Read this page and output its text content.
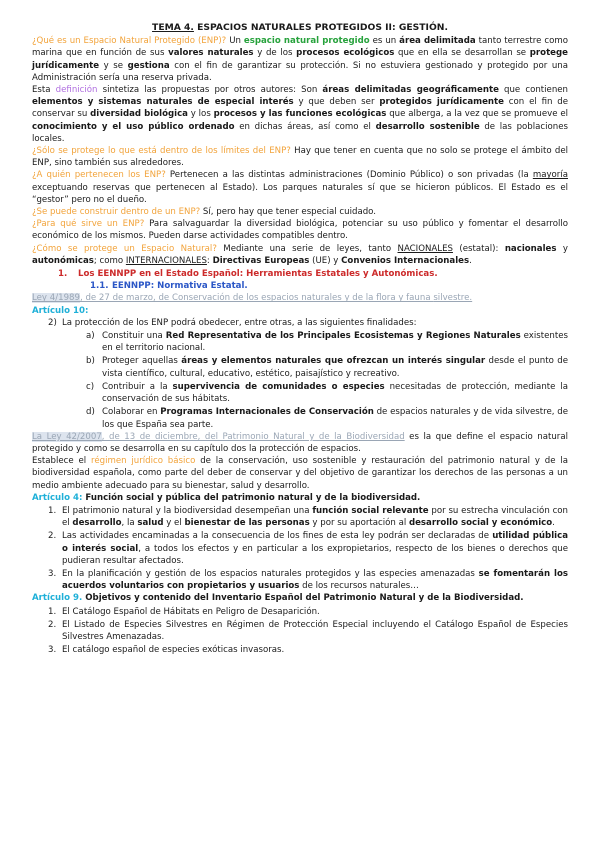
TEMA 4. ESPACIOS NATURALES PROTEGIDOS II: GESTIÓN.

¿Qué es un Espacio Natural Protegido (ENP)? Un espacio natural protegido es un área delimitada tanto terrestre como marina que en función de sus valores naturales y de los procesos ecológicos que en ella se desarrollan se protege jurídicamente y se gestiona con el fin de garantizar su protección. Si no estuviera gestionado y protegido por una Administración sería una reserva privada.

Esta definición sintetiza las propuestas por otros autores: Son áreas delimitadas geográficamente que contienen elementos y sistemas naturales de especial interés y que deben ser protegidos jurídicamente con el fin de conservar su diversidad biológica y los procesos y las funciones ecológicas que alberga, a la vez que se promueve el conocimiento y el uso público ordenado en dichas áreas, así como el desarrollo sostenible de las poblaciones locales.

¿Sólo se protege lo que está dentro de los límites del ENP? Hay que tener en cuenta que no solo se protege el ámbito del ENP, sino también sus alrededores.

¿A quién pertenecen los ENP? Pertenecen a las distintas administraciones (Dominio Público) o son privadas (la mayoría exceptuando reservas que pertenecen al Estado). Los parques naturales sí que se hicieron públicos. El Estado es el “gestor” pero no el dueño.

¿Se puede construir dentro de un ENP? Sí, pero hay que tener especial cuidado.

¿Para qué sirve un ENP? Para salvaguardar la diversidad biológica, potenciar su uso público y fomentar el desarrollo económico de los mismos. Pueden darse actividades compatibles dentro.

¿Cómo se protege un Espacio Natural? Mediante una serie de leyes, tanto NACIONALES (estatal): nacionales y autonómicas; como INTERNACIONALES: Directivas Europeas (UE) y Convenios Internacionales.

1. Los EENNPP en el Estado Español: Herramientas Estatales y Autonómicas.
1.1. EENNPP: Normativa Estatal.

Ley 4/1989, de 27 de marzo, de Conservación de los espacios naturales y de la flora y fauna silvestre.

Artículo 10:

2) La protección de los ENP podrá obedecer, entre otras, a las siguientes finalidades:
a) Constituir una Red Representativa de los Principales Ecosistemas y Regiones Naturales existentes en el territorio nacional.
b) Proteger aquellas áreas y elementos naturales que ofrezcan un interés singular desde el punto de vista científico, cultural, educativo, estético, paisajístico y recreativo.
c) Contribuir a la supervivencia de comunidades o especies necesitadas de protección, mediante la conservación de sus hábitats.
d) Colaborar en Programas Internacionales de Conservación de espacios naturales y de vida silvestre, de los que España sea parte.

La Ley 42/2007, de 13 de diciembre, del Patrimonio Natural y de la Biodiversidad es la que define el espacio natural protegido y como se desarrolla en su capítulo dos la protección de espacios.

Establece el régimen jurídico básico de la conservación, uso sostenible y restauración del patrimonio natural y de la biodiversidad española, como parte del deber de conservar y del objetivo de garantizar los derechos de las personas a un medio ambiente adecuado para su bienestar, salud y desarrollo.

Artículo 4: Función social y pública del patrimonio natural y de la biodiversidad.

1. El patrimonio natural y la biodiversidad desempeñan una función social relevante por su estrecha vinculación con el desarrollo, la salud y el bienestar de las personas y por su aportación al desarrollo social y económico.
2. Las actividades encaminadas a la consecuencia de los fines de esta ley podrán ser declaradas de utilidad pública o interés social, a todos los efectos y en particular a los expropietarios, respecto de los bienes o derechos que pudieran resultar afectados.
3. En la planificación y gestión de los espacios naturales protegidos y las especies amenazadas se fomentarán los acuerdos voluntarios con propietarios y usuarios de los recursos naturales…

Artículo 9. Objetivos y contenido del Inventario Español del Patrimonio Natural y de la Biodiversidad.

1. El Catálogo Español de Hábitats en Peligro de Desaparición.
2. El Listado de Especies Silvestres en Régimen de Protección Especial incluyendo el Catálogo Español de Especies Silvestres Amenazadas.
3. El catálogo español de especies exóticas invasoras.
